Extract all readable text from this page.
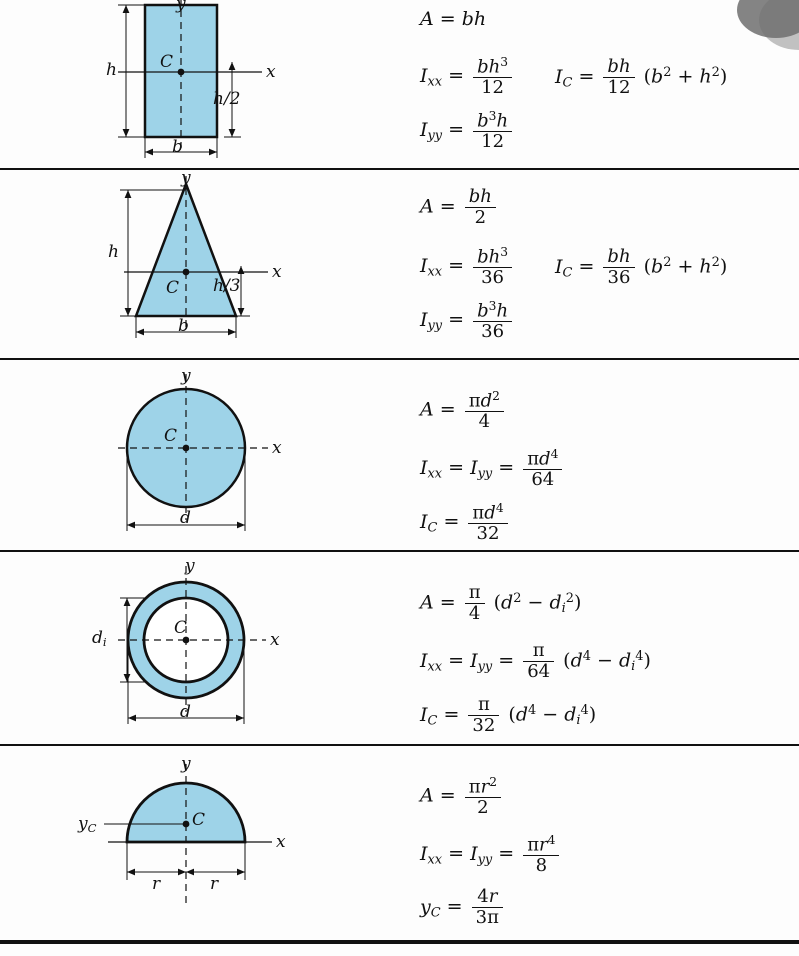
y
x
C
h
b
h/2
A = bh
$I_{xx} = \frac{bh^3}{12}$
$I_{yy} = \frac{b^3h}{12}$
$I_C = \frac{bh}{12} (b^2 + h^2)$
y
x
C
h
b
h/3
$A = \frac{bh}{2}$
$I_{xx} = \frac{bh^3}{36}$
$I_{yy} = \frac{b^3h}{36}$
$I_C = \frac{bh}{36} (b^2 + h^2)$
y
x
C
d
$A = \frac{\pi d^2}{4}$
$I_{xx} = I_{yy} = \frac{\pi d^4}{64}$
$I_C = \frac{\pi d^4}{32}$
y
x
C
$d_i$
d
$A = \frac{\pi}{4} (d^2 - d_i^2)$
$I_{xx} = I_{yy} = \frac{\pi}{64} (d^4 - d_i^4)$
$I_C = \frac{\pi}{32} (d^4 - d_i^4)$
y
x
C
$y_C$
r	r
$A = \frac{\pi r^2}{2}$
$I_{xx} = I_{yy} = \frac{\pi r^4}{8}$
$y_C = \frac{4r}{3\pi}$
